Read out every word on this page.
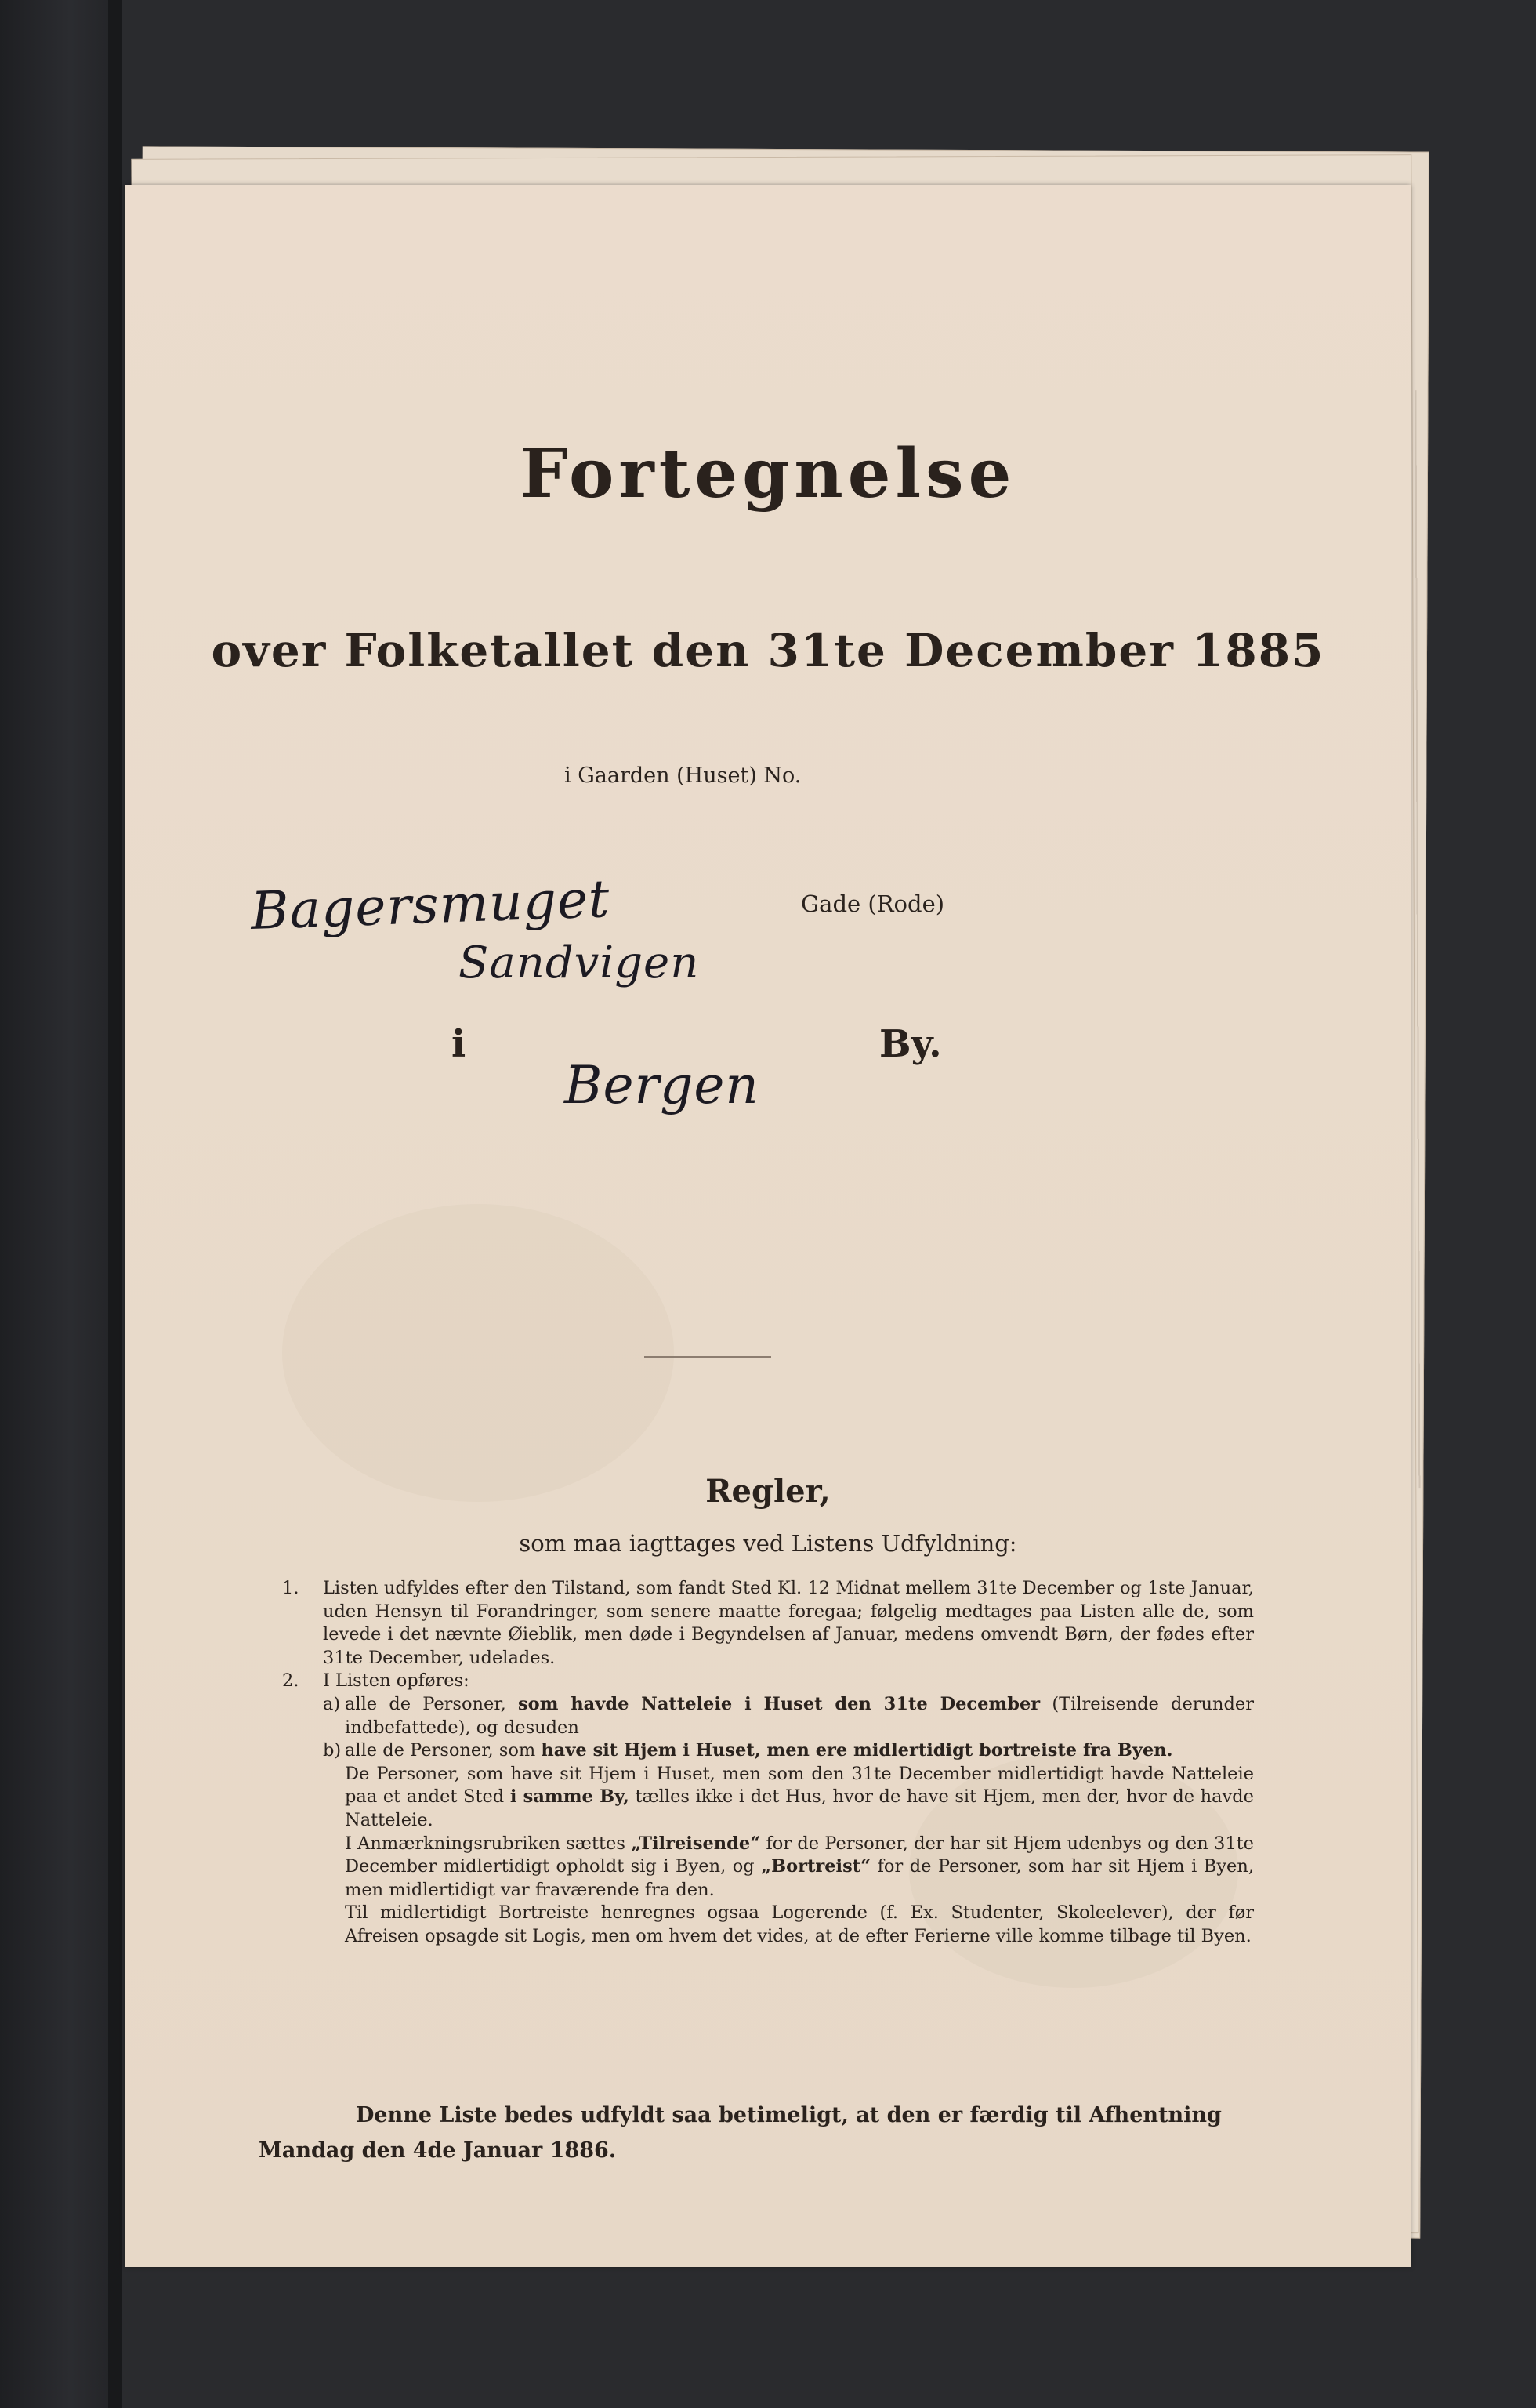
Fortegnelse
over Folketallet den 31te December 1885
i Gaarden (Huset) No.
Bagersmuget	Gade (Rode)
Sandvigen
i	By.
Bergen
Regler,
som maa iagttages ved Listens Udfyldning:

1. Listen udfyldes efter den Tilstand, som fandt Sted Kl. 12 Midnat mellem 31te December og 1ste Januar, uden Hensyn til Forandringer, som senere maatte foregaa; følgelig medtages paa Listen alle de, som levede i det nævnte Øieblik, men døde i Begyndelsen af Januar, medens omvendt Børn, der fødes efter 31te December, udelades.

2. I Listen opføres:

a) alle de Personer, som havde Natteleie i Huset den 31te December (Tilreisende derunder indbefattede), og desuden

b) alle de Personer, som have sit Hjem i Huset, men ere midlertidigt bortreiste fra Byen.

De Personer, som have sit Hjem i Huset, men som den 31te December midlertidigt havde Natteleie paa et andet Sted i samme By, tælles ikke i det Hus, hvor de have sit Hjem, men der, hvor de havde Natteleie.

I Anmærkningsrubriken sættes „Tilreisende“ for de Personer, der har sit Hjem udenbys og den 31te December midlertidigt opholdt sig i Byen, og „Bortreist“ for de Personer, som har sit Hjem i Byen, men midlertidigt var fraværende fra den.

Til midlertidigt Bortreiste henregnes ogsaa Logerende (f. Ex. Studenter, Skoleelever), der før Afreisen opsagde sit Logis, men om hvem det vides, at de efter Ferierne ville komme tilbage til Byen.

Denne Liste bedes udfyldt saa betimeligt, at den er færdig til Afhentning
Mandag den 4de Januar 1886.
